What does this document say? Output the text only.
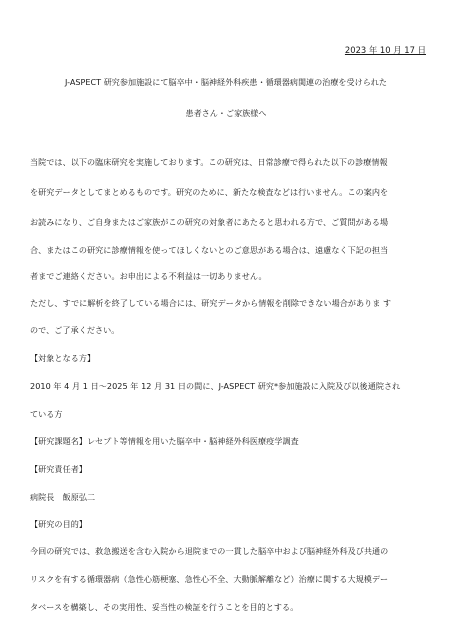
2023 年 10 月 17 日
J-ASPECT 研究参加施設にて脳卒中・脳神経外科疾患・循環器病関連の治療を受けられた
患者さん・ご家族様へ
当院では、以下の臨床研究を実施しております。この研究は、日常診療で得られた以下の診療情報
を研究データとしてまとめるものです。研究のために、新たな検査などは行いません。この案内を
お読みになり、ご自身またはご家族がこの研究の対象者にあたると思われる方で、ご質問がある場
合、またはこの研究に診療情報を使ってほしくないとのご意思がある場合は、遠慮なく下記の担当
者までご連絡ください。お申出による不利益は一切ありません。
ただし、すでに解析を終了している場合には、研究データから情報を削除できない場合がありま す
ので、ご了承ください。
【対象となる方】
2010 年 4 月 1 日～2025 年 12 月 31 日の間に、J-ASPECT 研究*参加施設に入院及び以後通院され
ている方
【研究課題名】レセプト等情報を用いた脳卒中・脳神経外科医療疫学調査
【研究責任者】
病院長　飯原弘二
【研究の目的】
今回の研究では、救急搬送を含む入院から退院までの一貫した脳卒中および脳神経外科及び共通の
リスクを有する循環器病（急性心筋梗塞、急性心不全、大動脈解離など）治療に関する大規模デー
タベースを構築し、その実用性、妥当性の検証を行うことを目的とする。
